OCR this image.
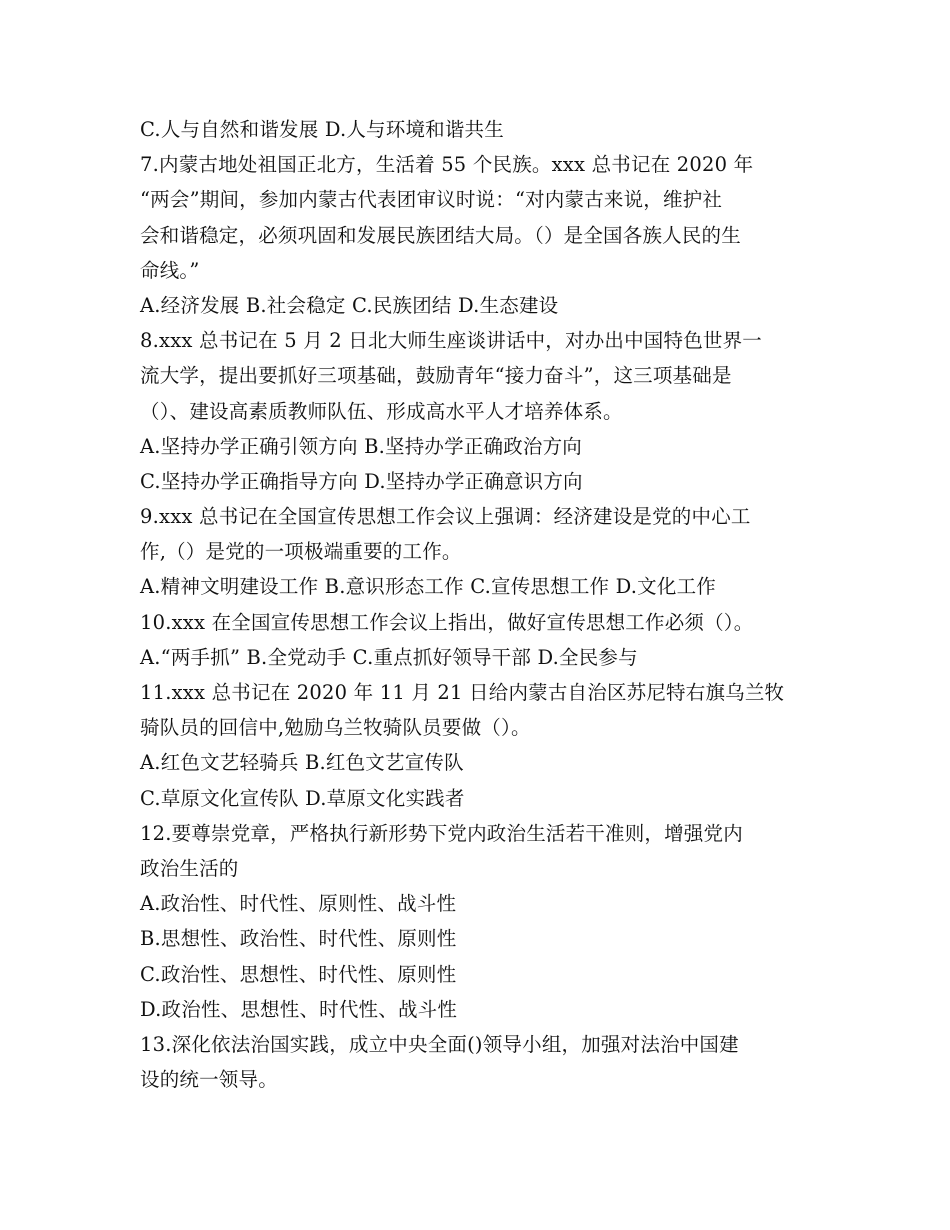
C.人与自然和谐发展 D.人与环境和谐共生
7.内蒙古地处祖国正北方，生活着 55 个民族。xxx 总书记在 2020 年
“两会”期间，参加内蒙古代表团审议时说：“对内蒙古来说，维护社
会和谐稳定，必须巩固和发展民族团结大局。（）是全国各族人民的生
命线。”
A.经济发展 B.社会稳定 C.民族团结 D.生态建设
8.xxx 总书记在 5 月 2 日北大师生座谈讲话中，对办出中国特色世界一
流大学，提出要抓好三项基础，鼓励青年“接力奋斗”，这三项基础是
（）、建设高素质教师队伍、形成高水平人才培养体系。
A.坚持办学正确引领方向 B.坚持办学正确政治方向
C.坚持办学正确指导方向 D.坚持办学正确意识方向
9.xxx 总书记在全国宣传思想工作会议上强调：经济建设是党的中心工
作,（）是党的一项极端重要的工作。
A.精神文明建设工作 B.意识形态工作 C.宣传思想工作 D.文化工作
10.xxx 在全国宣传思想工作会议上指出，做好宣传思想工作必须（）。
A.“两手抓” B.全党动手 C.重点抓好领导干部 D.全民参与
11.xxx 总书记在 2020 年 11 月 21 日给内蒙古自治区苏尼特右旗乌兰牧
骑队员的回信中,勉励乌兰牧骑队员要做（）。
A.红色文艺轻骑兵 B.红色文艺宣传队
C.草原文化宣传队 D.草原文化实践者
12.要尊崇党章，严格执行新形势下党内政治生活若干准则，增强党内
政治生活的
A.政治性、时代性、原则性、战斗性
B.思想性、政治性、时代性、原则性
C.政治性、思想性、时代性、原则性
D.政治性、思想性、时代性、战斗性
13.深化依法治国实践，成立中央全面()领导小组，加强对法治中国建
设的统一领导。
